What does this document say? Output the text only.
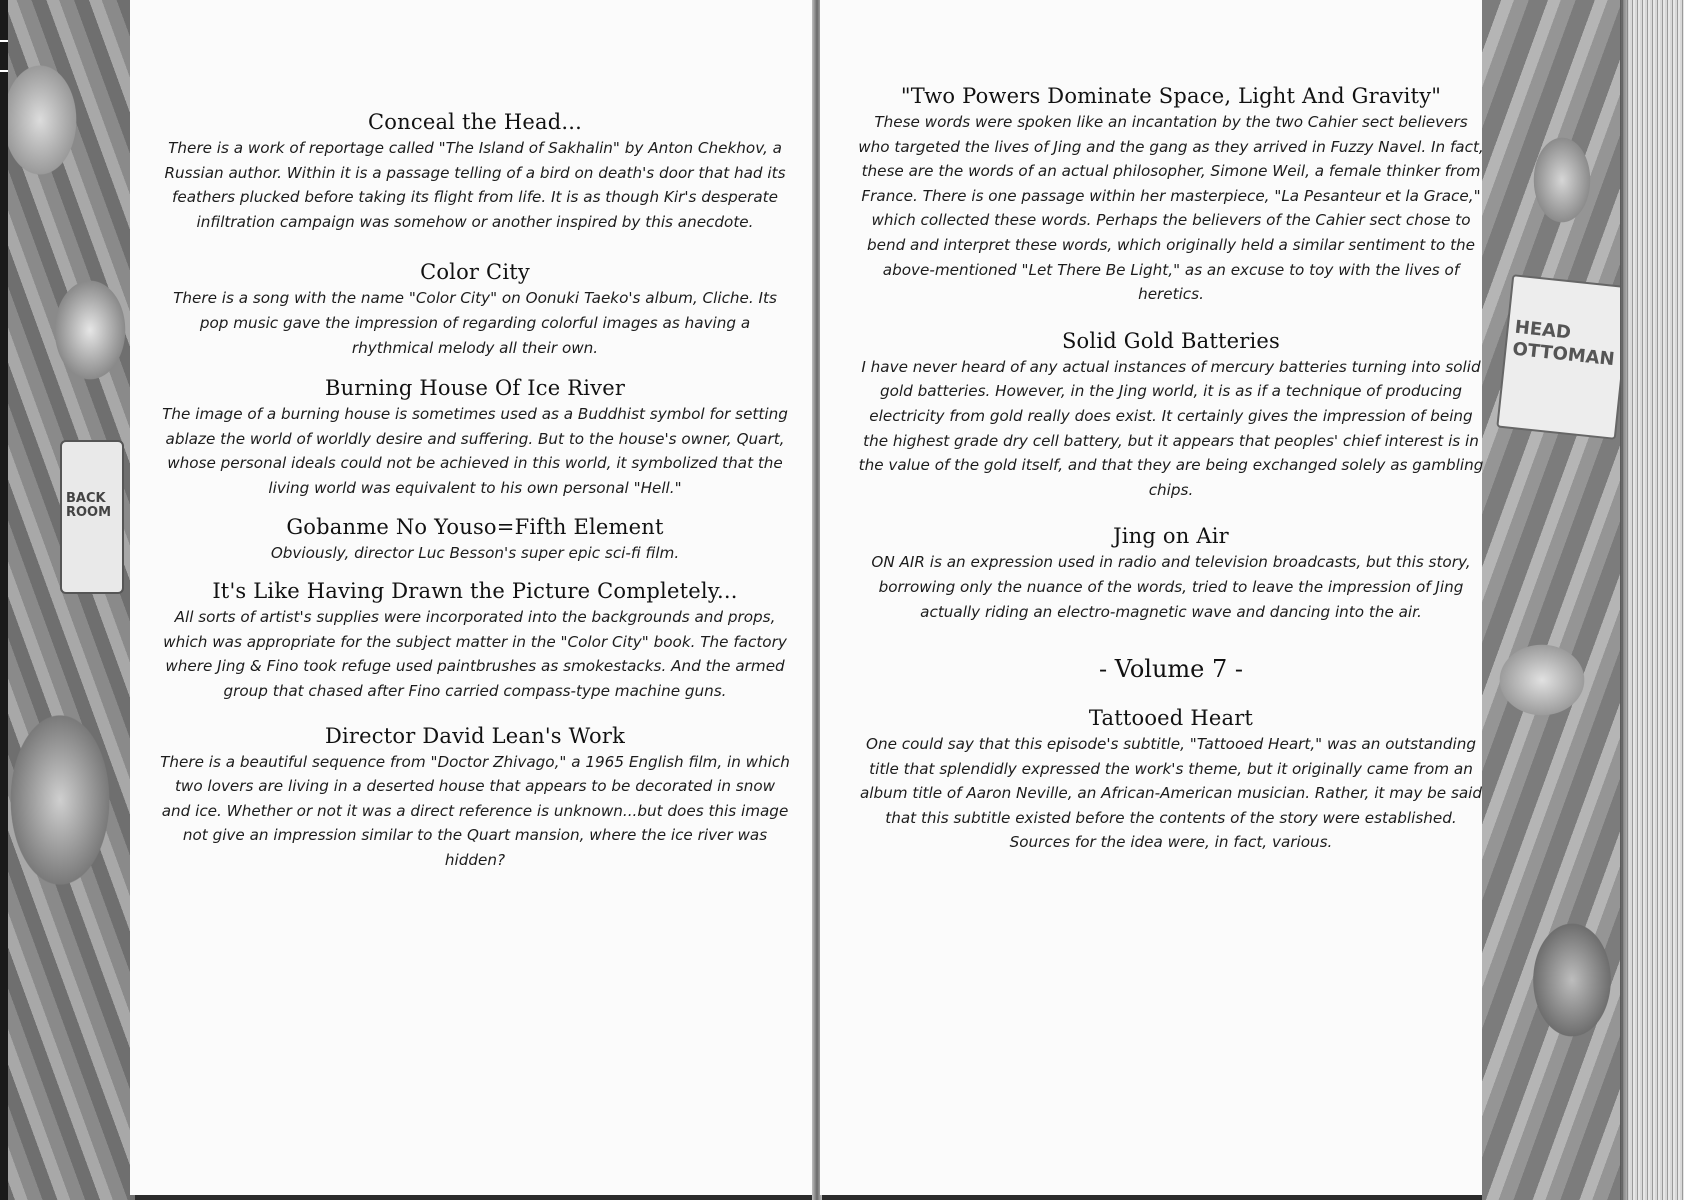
BACK ROOM
HEAD OTTOMAN
Conceal the Head...
There is a work of reportage called "The Island of Sakhalin" by Anton Chekhov, a Russian author. Within it is a passage telling of a bird on death's door that had its feathers plucked before taking its flight from life. It is as though Kir's desperate infiltration campaign was somehow or another inspired by this anecdote.
Color City
There is a song with the name "Color City" on Oonuki Taeko's album, Cliche. Its pop music gave the impression of regarding colorful images as having a rhythmical melody all their own.
Burning House Of Ice River
The image of a burning house is sometimes used as a Buddhist symbol for setting ablaze the world of worldly desire and suffering. But to the house's owner, Quart, whose personal ideals could not be achieved in this world, it symbolized that the living world was equivalent to his own personal "Hell."
Gobanme No Youso=Fifth Element
Obviously, director Luc Besson's super epic sci-fi film.
It's Like Having Drawn the Picture Completely...
All sorts of artist's supplies were incorporated into the backgrounds and props, which was appropriate for the subject matter in the "Color City" book. The factory where Jing & Fino took refuge used paintbrushes as smokestacks. And the armed group that chased after Fino carried compass-type machine guns.
Director David Lean's Work
There is a beautiful sequence from "Doctor Zhivago," a 1965 English film, in which two lovers are living in a deserted house that appears to be decorated in snow and ice. Whether or not it was a direct reference is unknown...but does this image not give an impression similar to the Quart mansion, where the ice river was hidden?
"Two Powers Dominate Space, Light And Gravity"
These words were spoken like an incantation by the two Cahier sect believers who targeted the lives of Jing and the gang as they arrived in Fuzzy Navel. In fact, these are the words of an actual philosopher, Simone Weil, a female thinker from France. There is one passage within her masterpiece, "La Pesanteur et la Grace," which collected these words. Perhaps the believers of the Cahier sect chose to bend and interpret these words, which originally held a similar sentiment to the above-mentioned "Let There Be Light," as an excuse to toy with the lives of heretics.
Solid Gold Batteries
I have never heard of any actual instances of mercury batteries turning into solid gold batteries. However, in the Jing world, it is as if a technique of producing electricity from gold really does exist. It certainly gives the impression of being the highest grade dry cell battery, but it appears that peoples' chief interest is in the value of the gold itself, and that they are being exchanged solely as gambling chips.
Jing on Air
ON AIR is an expression used in radio and television broadcasts, but this story, borrowing only the nuance of the words, tried to leave the impression of Jing actually riding an electro-magnetic wave and dancing into the air.
- Volume 7 -
Tattooed Heart
One could say that this episode's subtitle, "Tattooed Heart," was an outstanding title that splendidly expressed the work's theme, but it originally came from an album title of Aaron Neville, an African-American musician. Rather, it may be said that this subtitle existed before the contents of the story were established. Sources for the idea were, in fact, various.
